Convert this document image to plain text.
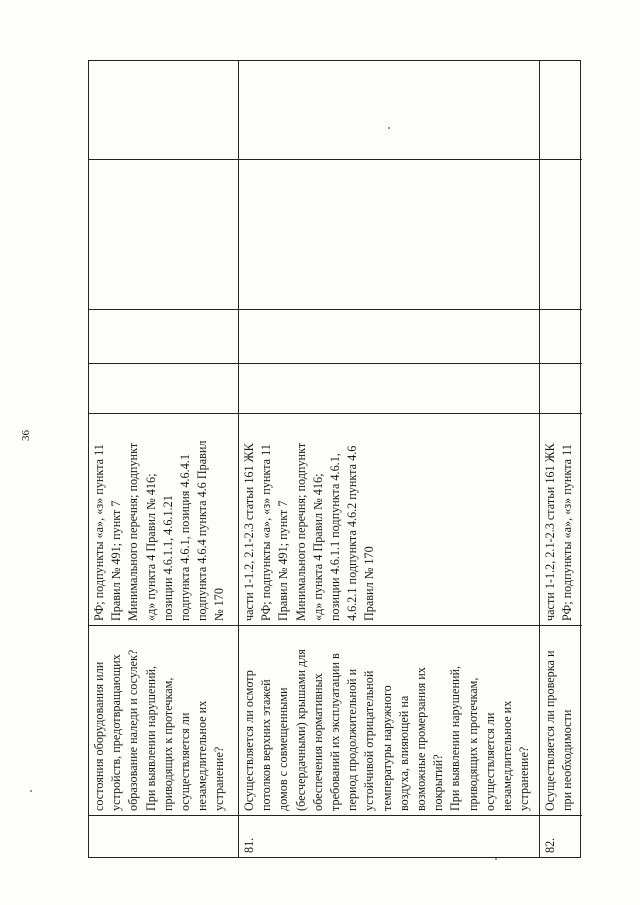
36

состояния оборудования или
устройств, предотвращающих
образование наледи и сосулек?
При выявлении нарушений,
приводящих к протечкам,
осуществляется ли
незамедлительное их
устранение?

РФ; подпункты «а», «з» пункта 11
Правил № 491; пункт 7
Минимального перечня; подпункт
«д» пункта 4 Правил № 416;
позиции 4.6.1.1, 4.6.1.21
подпункта 4.6.1, позиция 4.6.4.1
подпункта 4.6.4 пункта 4.6 Правил
№ 170

81.

Осуществляется ли осмотр
потолков верхних этажей
домов с совмещенными
(бесчердачными) крышами для
обеспечения нормативных
требований их эксплуатации в
период продолжительной и
устойчивой отрицательной
температуры наружного
воздуха, влияющей на
возможные промерзания их
покрытий?
При выявлении нарушений,
приводящих к протечкам,
осуществляется ли
незамедлительное их
устранение?

части 1-1.2, 2.1-2.3 статьи 161 ЖК
РФ; подпункты «а», «з» пункта 11
Правил № 491; пункт 7
Минимального перечня; подпункт
«д» пункта 4 Правил № 416;
позиции 4.6.1.1 подпункта 4.6.1,
4.6.2.1 подпункта 4.6.2 пункта 4.6
Правил № 170

82.

Осуществляется ли проверка и
при необходимости

части 1-1.2, 2.1-2.3 статьи 161 ЖК
РФ; подпункты «а», «з» пункта 11
